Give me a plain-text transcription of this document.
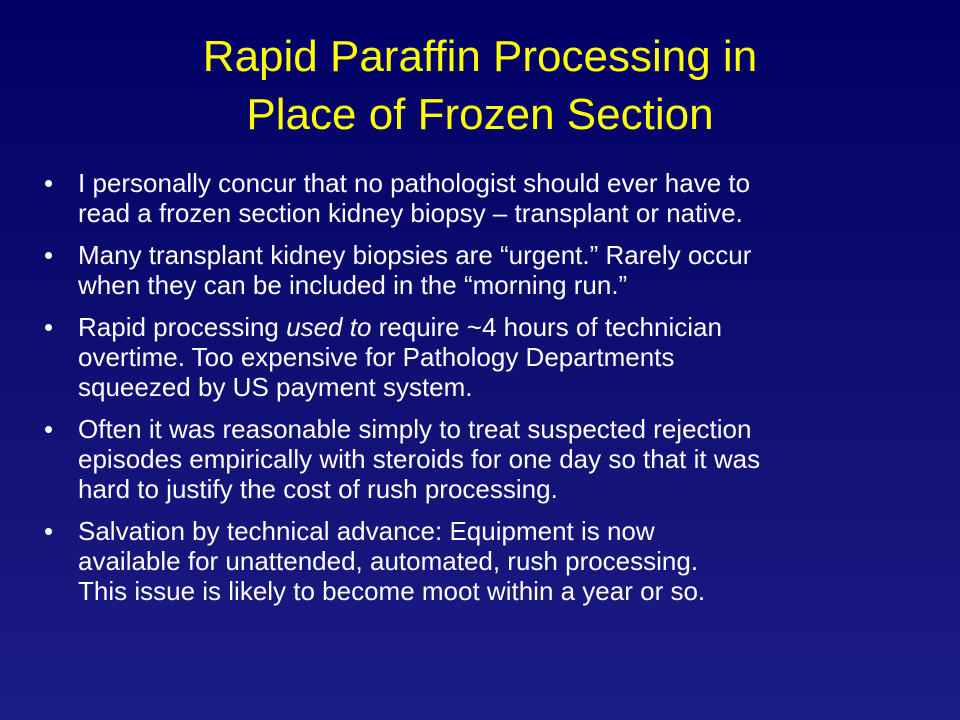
Rapid Paraffin Processing in
Place of Frozen Section
• I personally concur that no pathologist should ever have to
read a frozen section kidney biopsy – transplant or native.
• Many transplant kidney biopsies are “urgent.” Rarely occur
when they can be included in the “morning run.”
• Rapid processing used to require ~4 hours of technician
overtime. Too expensive for Pathology Departments
squeezed by US payment system.
• Often it was reasonable simply to treat suspected rejection
episodes empirically with steroids for one day so that it was
hard to justify the cost of rush processing.
• Salvation by technical advance: Equipment is now
available for unattended, automated, rush processing.
This issue is likely to become moot within a year or so.
